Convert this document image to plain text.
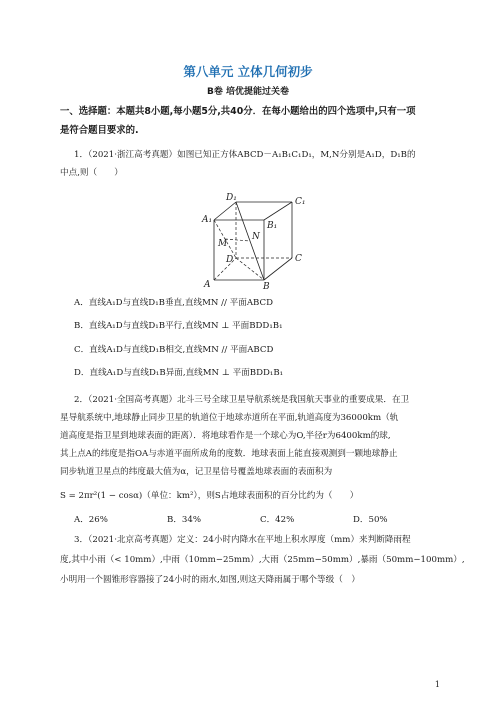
第八单元 立体几何初步
B卷 培优提能过关卷
一、选择题：本题共8小题,每小题5分,共40分．在每小题给出的四个选项中,只有一项
是符合题目要求的.
1．（2021·浙江高考真题）如图已知正方体ABCD－A₁B₁C₁D₁，M,N分别是A₁D，D₁B的
中点,则（　　）
D₁	C₁
A₁
B₁
N
M
D	C
A	B
A．直线A₁D与直线D₁B垂直,直线MN // 平面ABCD
B．直线A₁D与直线D₁B平行,直线MN ⊥ 平面BDD₁B₁
C．直线A₁D与直线D₁B相交,直线MN // 平面ABCD
D．直线A₁D与直线D₁B异面,直线MN ⊥ 平面BDD₁B₁
2．（2021·全国高考真题）北斗三号全球卫星导航系统是我国航天事业的重要成果．在卫
星导航系统中,地球静止同步卫星的轨道位于地球赤道所在平面,轨道高度为36000km（轨
道高度是指卫星到地球表面的距离）．将地球看作是一个球心为O,半径r为6400km的球,
其上点A的纬度是指OA与赤道平面所成角的度数．地球表面上能直接观测到一颗地球静止
同步轨道卫星点的纬度最大值为α，记卫星信号覆盖地球表面的表面积为
S = 2πr²(1 − cosα)（单位：km²），则S占地球表面积的百分比约为（　　）
A．26%	B．34%	C．42%	D．50%
3．（2021·北京高考真题）定义：24小时内降水在平地上积水厚度（mm）来判断降雨程
度,其中小雨（< 10mm）,中雨（10mm−25mm）,大雨（25mm−50mm）,暴雨（50mm−100mm）,
小明用一个圆锥形容器接了24小时的雨水,如图,则这天降雨属于哪个等级（　）
1
